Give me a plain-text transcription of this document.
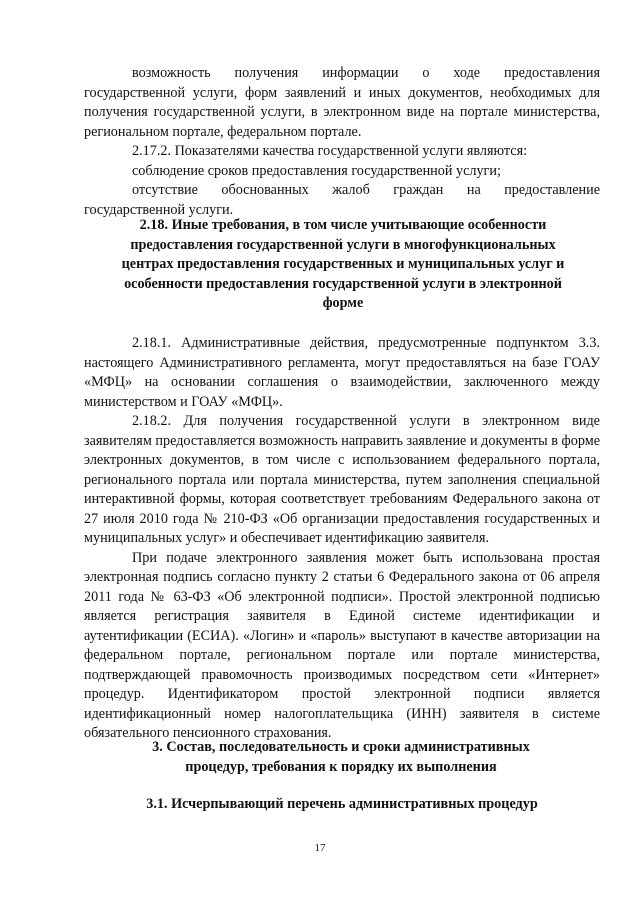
возможность получения информации о ходе предоставления государственной услуги, форм заявлений и иных документов, необходимых для получения государственной услуги, в электронном виде на портале министерства, региональном портале, федеральном портале.

2.17.2. Показателями качества государственной услуги являются:

соблюдение сроков предоставления государственной услуги;

отсутствие обоснованных жалоб граждан на предоставление государственной услуги.

2.18. Иные требования, в том числе учитывающие особенности предоставления государственной услуги в многофункциональных центрах предоставления государственных и муниципальных услуг и особенности предоставления государственной услуги в электронной форме

2.18.1. Административные действия, предусмотренные подпунктом 3.3. настоящего Административного регламента, могут предоставляться на базе ГОАУ «МФЦ» на основании соглашения о взаимодействии, заключенного между министерством и ГОАУ «МФЦ».

2.18.2. Для получения государственной услуги в электронном виде заявителям предоставляется возможность направить заявление и документы в форме электронных документов, в том числе с использованием федерального портала, регионального портала или портала министерства, путем заполнения специальной интерактивной формы, которая соответствует требованиям Федерального закона от 27 июля 2010 года № 210-ФЗ «Об организации предоставления государственных и муниципальных услуг» и обеспечивает идентификацию заявителя.

При подаче электронного заявления может быть использована простая электронная подпись согласно пункту 2 статьи 6 Федерального закона от 06 апреля 2011 года № 63-ФЗ «Об электронной подписи». Простой электронной подписью является регистрация заявителя в Единой системе идентификации и аутентификации (ЕСИА). «Логин» и «пароль» выступают в качестве авторизации на федеральном портале, региональном портале или портале министерства, подтверждающей правомочность производимых посредством сети «Интернет» процедур. Идентификатором простой электронной подписи является идентификационный номер налогоплательщика (ИНН) заявителя в системе обязательного пенсионного страхования.

3. Состав, последовательность и сроки административных процедур, требования к порядку их выполнения
3.1. Исчерпывающий перечень административных процедур
17
